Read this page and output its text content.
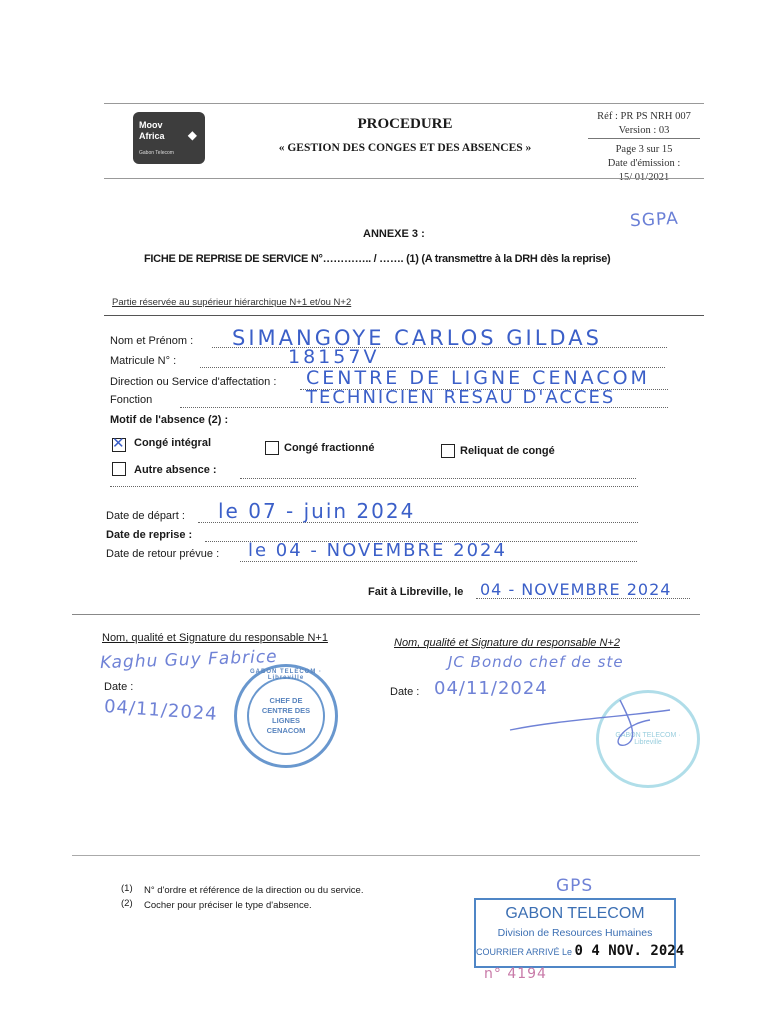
Moov Africa
Gabon Telecom
◆
PROCEDURE
« GESTION DES CONGES ET DES ABSENCES »
Réf : PR PS NRH 007
Version : 03
Page 3 sur 15
Date d'émission :
15/ 01/2021
SGPA
ANNEXE 3 :
FICHE DE REPRISE DE SERVICE N°………….. / ……. (1) (A transmettre à la DRH dès la reprise)
Partie réservée au supérieur hiérarchique N+1 et/ou N+2
Nom et Prénom : SIMANGOYE CARLOS GILDAS
Matricule N° :	18157V
Direction ou Service d'affectation : CENTRE DE LIGNE CENACOM
Fonction	TECHNICIEN RESAU D'ACCES
Motif de l'absence (2) :
✕ Congé intégral	Congé fractionné	Reliquat de congé
Autre absence :
Date de départ : le 07 - juin 2024
Date de reprise :
Date de retour prévue : le 04 - NOVEMBRE 2024
Fait à Libreville, le 04 - NOVEMBRE 2024
Nom, qualité et Signature du responsable N+1	Nom, qualité et Signature du responsable N+2
Kaghu Guy Fabrice
Date :
04/11/2024
GABON TELECOM · Libreville
CHEF DE CENTRE DES LIGNES CENACOM
JC Bondo chef de ste
Date : 04/11/2024
GABON TELECOM · Libreville
(1) N° d'ordre et référence de la direction ou du service.
(2) Cocher pour préciser le type d'absence.
GPS
GABON TELECOM
Division de Resources Humaines
COURRIER ARRIVÉ Le 0 4 NOV. 2024
n° 4194
